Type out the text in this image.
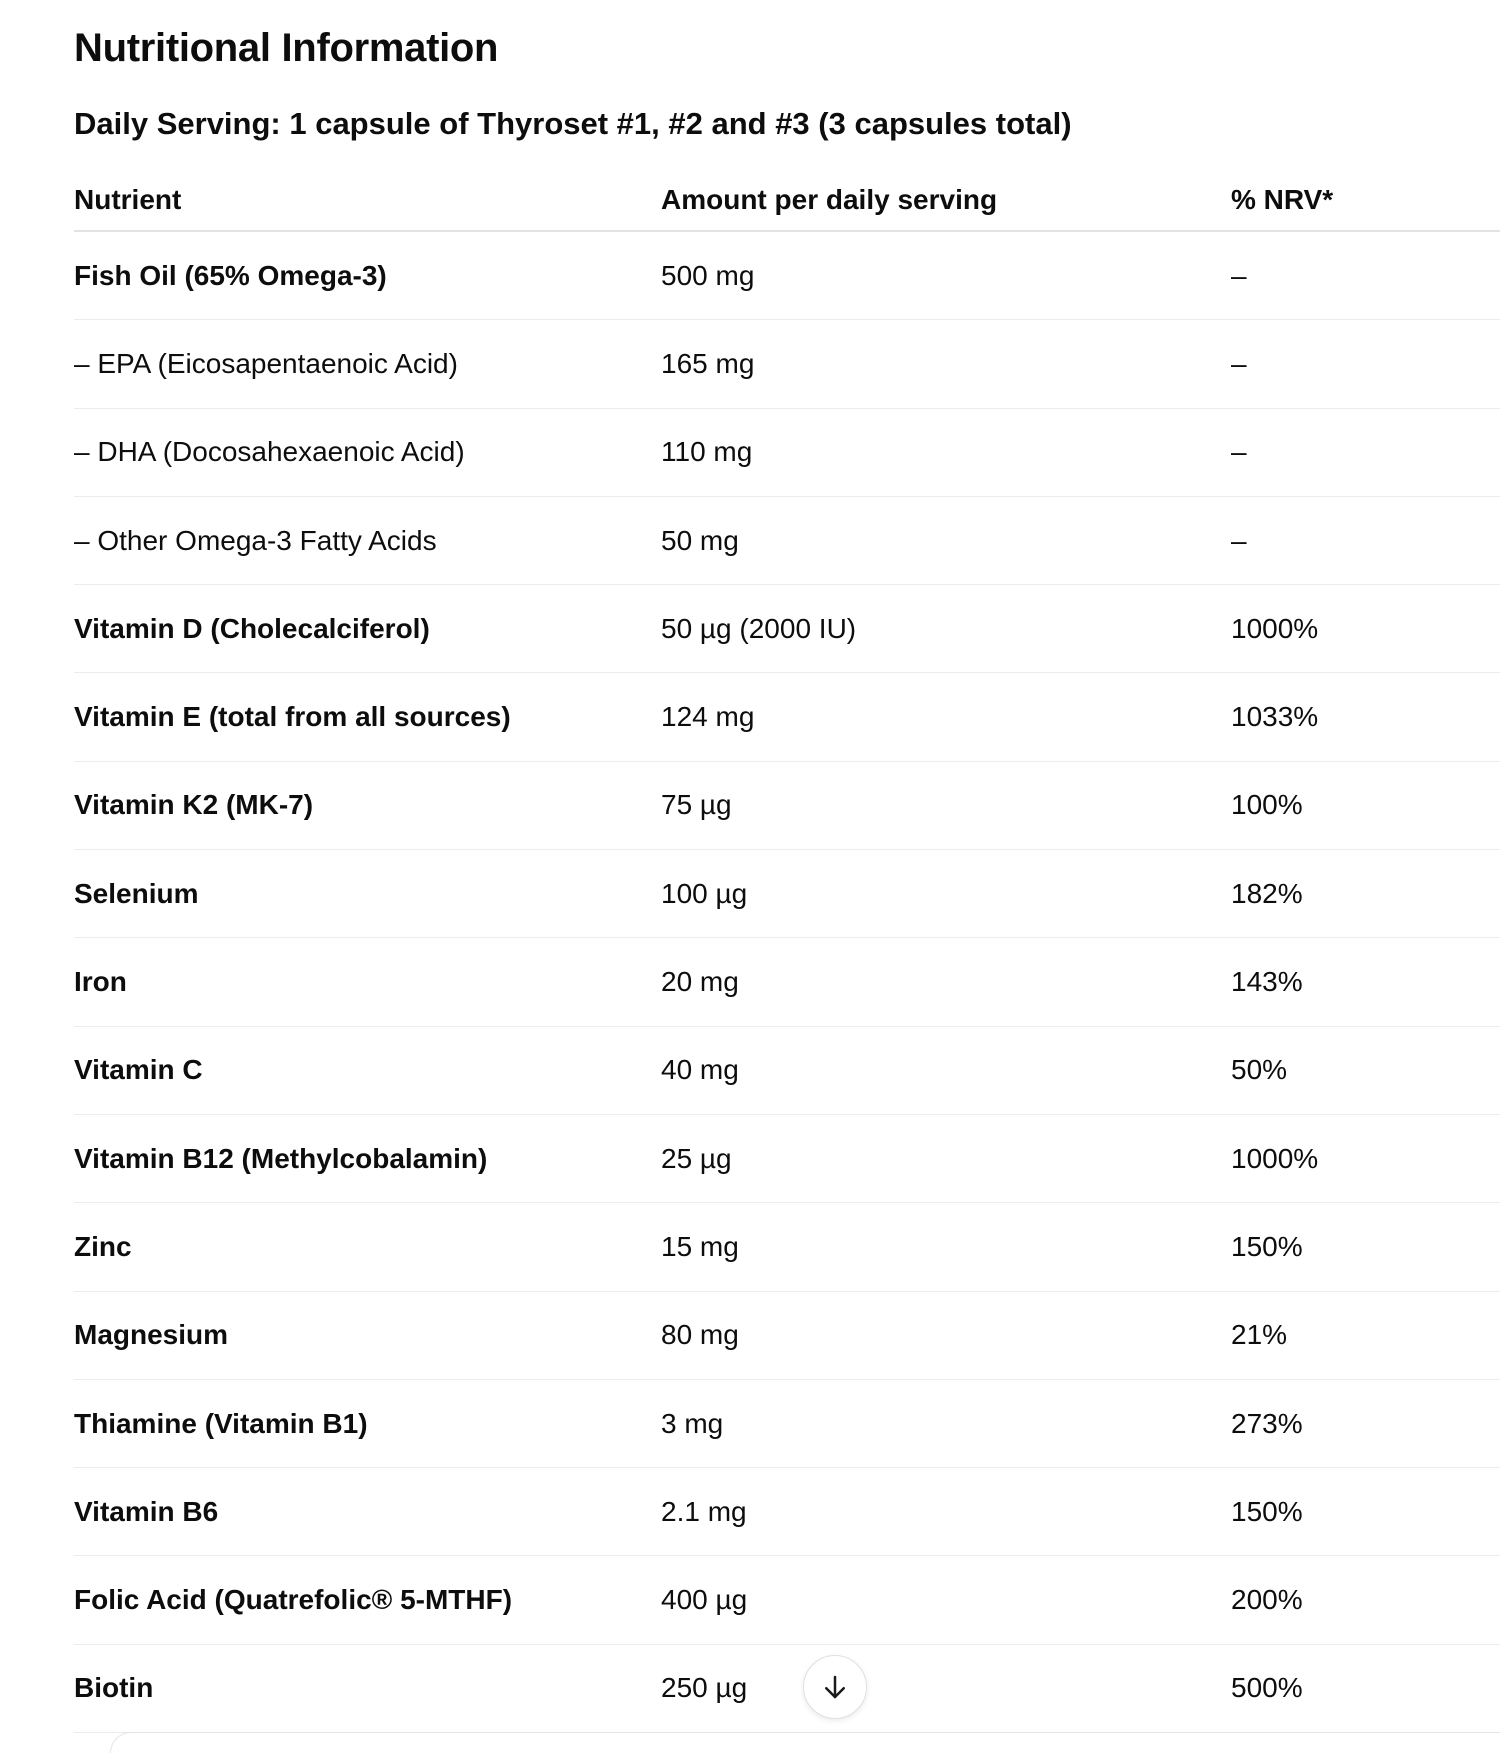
Nutritional Information
Daily Serving: 1 capsule of Thyroset #1, #2 and #3 (3 capsules total)
Nutrient	Amount per daily serving	% NRV*
Fish Oil (65% Omega-3)	500 mg	–
– EPA (Eicosapentaenoic Acid)	165 mg	–
– DHA (Docosahexaenoic Acid)	110 mg	–
– Other Omega-3 Fatty Acids	50 mg	–
Vitamin D (Cholecalciferol)	50 µg (2000 IU)	1000%
Vitamin E (total from all sources)	124 mg	1033%
Vitamin K2 (MK-7)	75 µg	100%
Selenium	100 µg	182%
Iron	20 mg	143%
Vitamin C	40 mg	50%
Vitamin B12 (Methylcobalamin)	25 µg	1000%
Zinc	15 mg	150%
Magnesium	80 mg	21%
Thiamine (Vitamin B1)	3 mg	273%
Vitamin B6	2.1 mg	150%
Folic Acid (Quatrefolic® 5-MTHF)	400 µg	200%
Biotin	250 µg	500%
